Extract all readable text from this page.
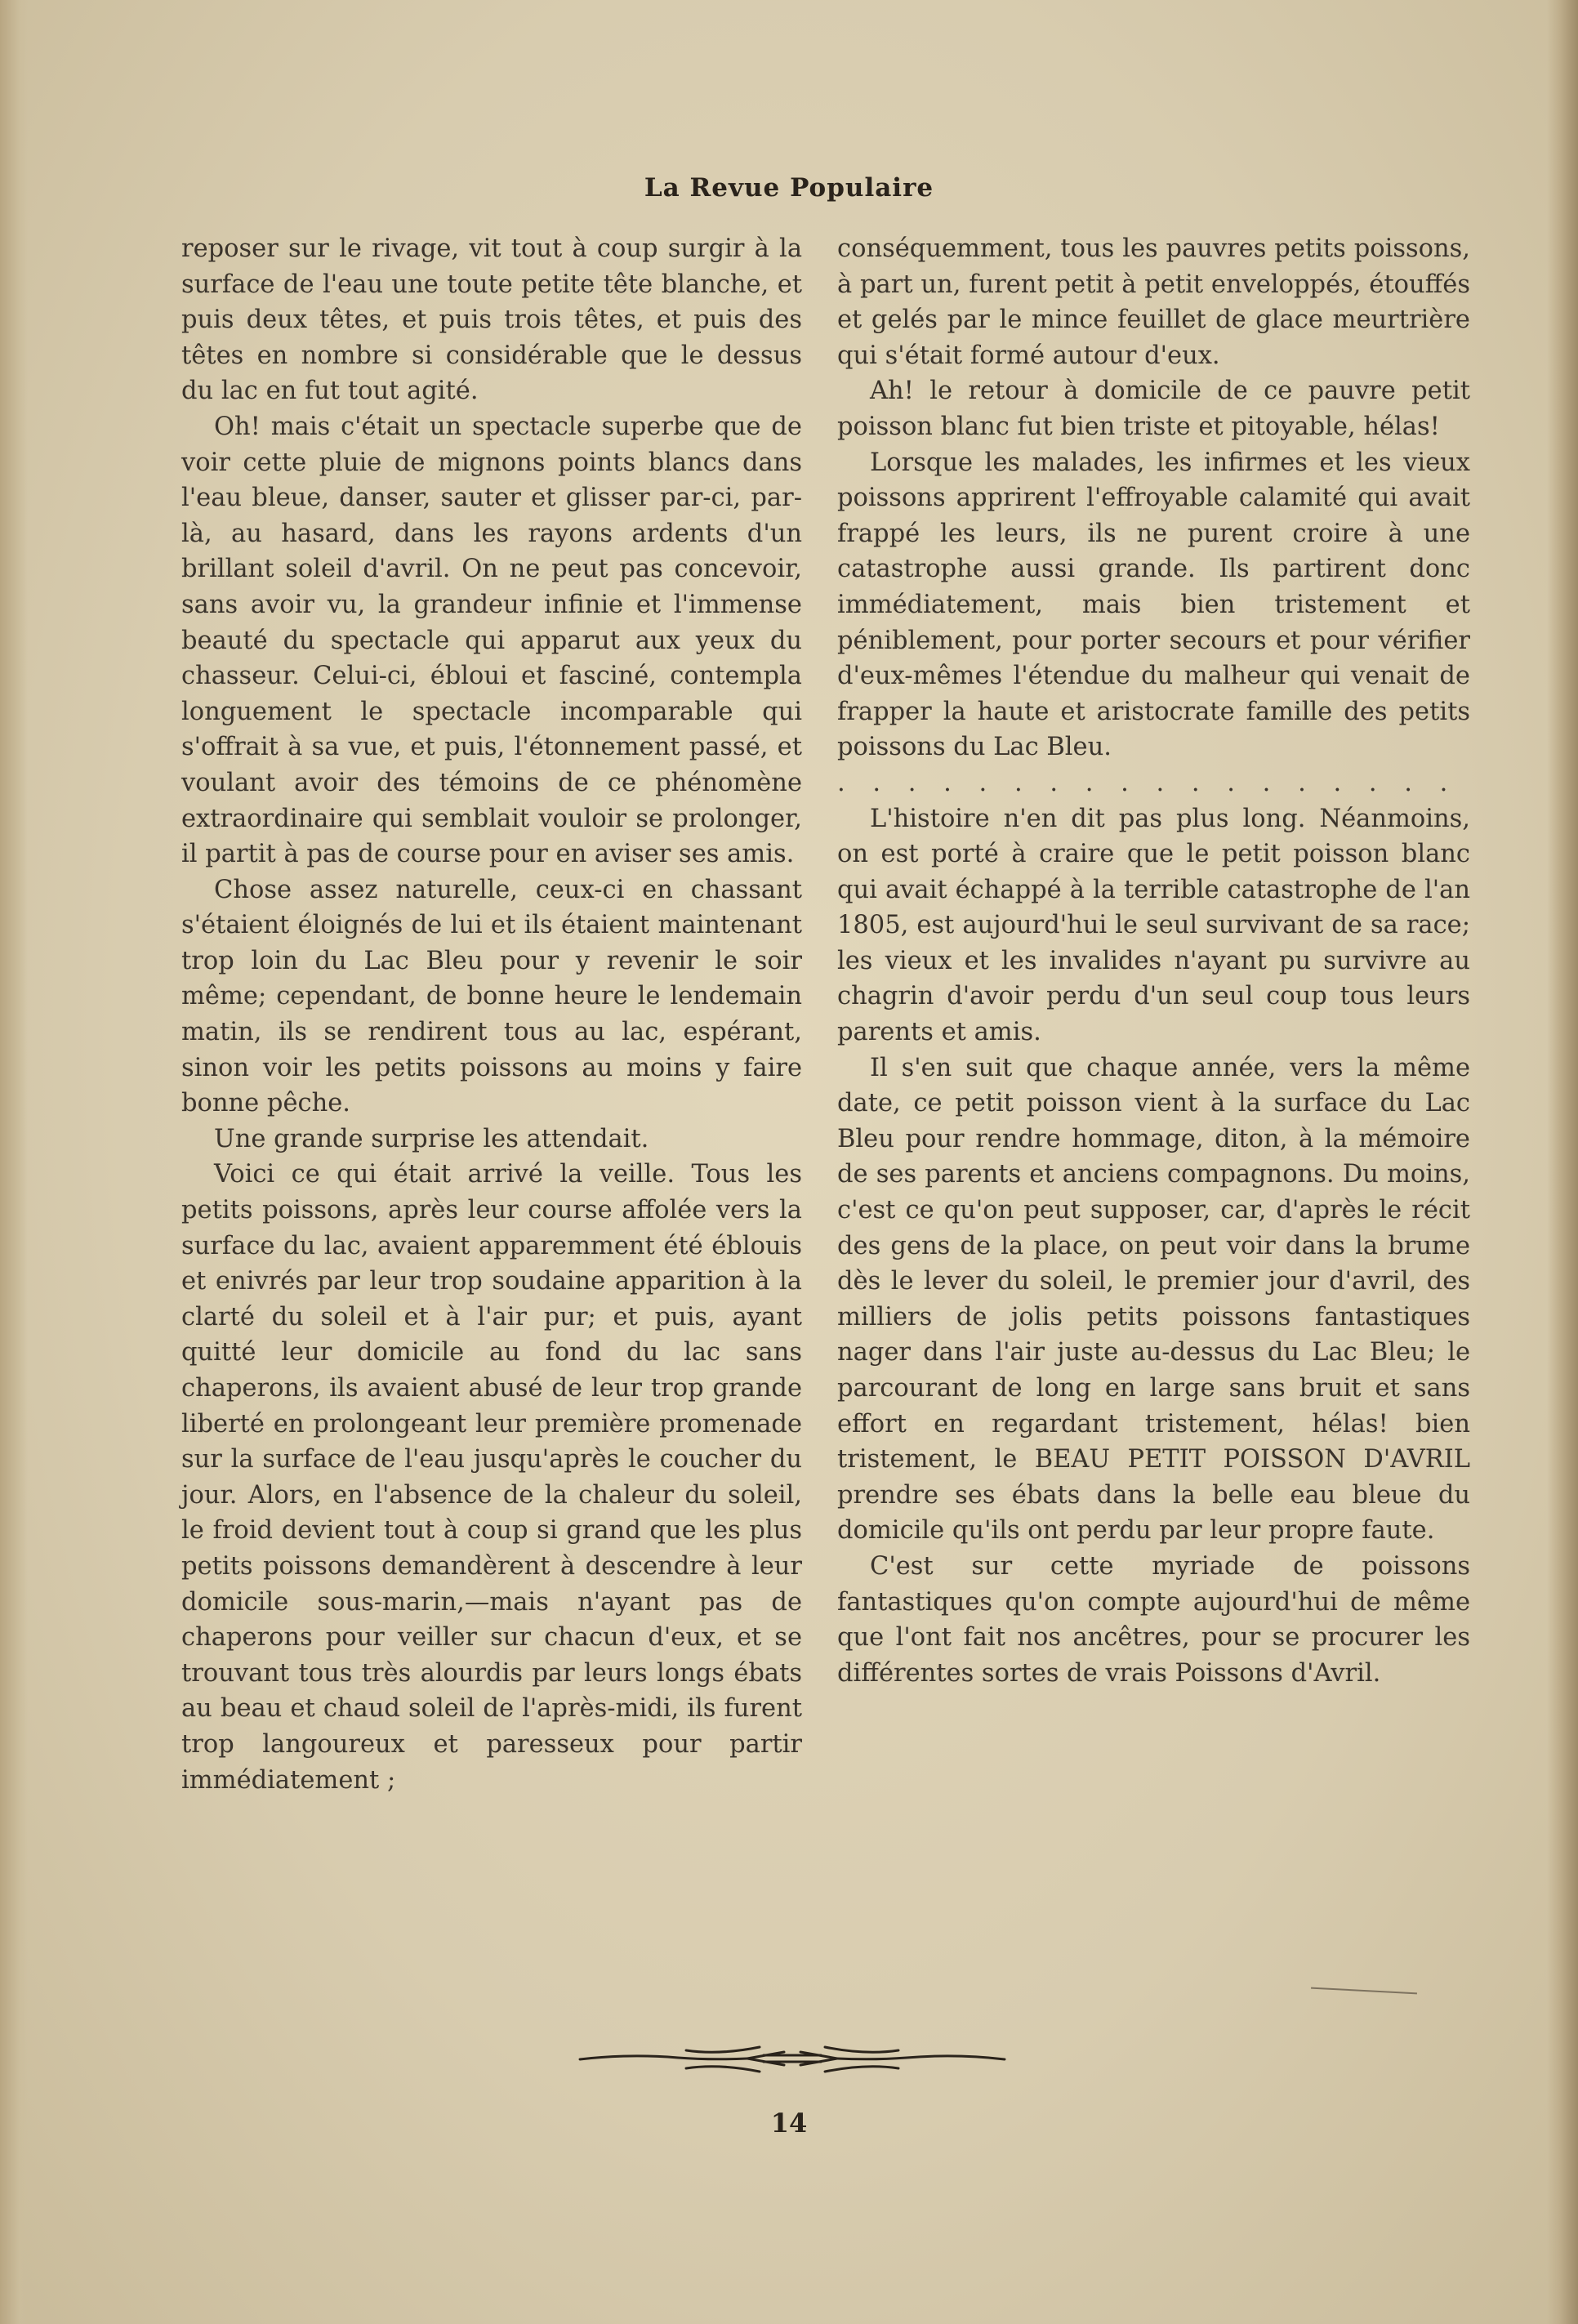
La Revue Populaire

reposer sur le rivage, vit tout à coup surgir à la surface de l'eau une toute petite tête blanche, et puis deux têtes, et puis trois têtes, et puis des têtes en nombre si considérable que le dessus du lac en fut tout agité.

Oh! mais c'était un spectacle superbe que de voir cette pluie de mignons points blancs dans l'eau bleue, danser, sauter et glisser par-ci, par-là, au hasard, dans les rayons ardents d'un brillant soleil d'avril. On ne peut pas concevoir, sans avoir vu, la grandeur infinie et l'immense beauté du spectacle qui apparut aux yeux du chasseur. Celui-ci, ébloui et fasciné, contempla longuement le spectacle incomparable qui s'offrait à sa vue, et puis, l'étonnement passé, et voulant avoir des témoins de ce phénomène extraordinaire qui semblait vouloir se prolonger, il partit à pas de course pour en aviser ses amis.

Chose assez naturelle, ceux-ci en chassant s'étaient éloignés de lui et ils étaient maintenant trop loin du Lac Bleu pour y revenir le soir même; cependant, de bonne heure le lendemain matin, ils se rendirent tous au lac, espérant, sinon voir les petits poissons au moins y faire bonne pêche.

Une grande surprise les attendait.

Voici ce qui était arrivé la veille. Tous les petits poissons, après leur course affolée vers la surface du lac, avaient apparemment été éblouis et enivrés par leur trop soudaine apparition à la clarté du soleil et à l'air pur; et puis, ayant quitté leur domicile au fond du lac sans chaperons, ils avaient abusé de leur trop grande liberté en prolongeant leur première promenade sur la surface de l'eau jusqu'après le coucher du jour. Alors, en l'absence de la chaleur du soleil, le froid devient tout à coup si grand que les plus petits poissons demandèrent à descendre à leur domicile sous-marin,—mais n'ayant pas de chaperons pour veiller sur chacun d'eux, et se trouvant tous très alourdis par leurs longs ébats au beau et chaud soleil de l'après-midi, ils furent trop langoureux et paresseux pour partir immédiatement ;

conséquemment, tous les pauvres petits poissons, à part un, furent petit à petit enveloppés, étouffés et gelés par le mince feuillet de glace meurtrière qui s'était formé autour d'eux.

Ah! le retour à domicile de ce pauvre petit poisson blanc fut bien triste et pitoyable, hélas!

Lorsque les malades, les infirmes et les vieux poissons apprirent l'effroyable calamité qui avait frappé les leurs, ils ne purent croire à une catastrophe aussi grande. Ils partirent donc immédiatement, mais bien tristement et péniblement, pour porter secours et pour vérifier d'eux-mêmes l'étendue du malheur qui venait de frapper la haute et aristocrate famille des petits poissons du Lac Bleu.

. . . . . . . . . . . . . . . . . .

L'histoire n'en dit pas plus long. Néanmoins, on est porté à craire que le petit poisson blanc qui avait échappé à la terrible catastrophe de l'an 1805, est aujourd'hui le seul survivant de sa race; les vieux et les invalides n'ayant pu survivre au chagrin d'avoir perdu d'un seul coup tous leurs parents et amis.

Il s'en suit que chaque année, vers la même date, ce petit poisson vient à la surface du Lac Bleu pour rendre hommage, diton, à la mémoire de ses parents et anciens compagnons. Du moins, c'est ce qu'on peut supposer, car, d'après le récit des gens de la place, on peut voir dans la brume dès le lever du soleil, le premier jour d'avril, des milliers de jolis petits poissons fantastiques nager dans l'air juste au-dessus du Lac Bleu; le parcourant de long en large sans bruit et sans effort en regardant tristement, hélas! bien tristement, le BEAU PETIT POISSON D'AVRIL prendre ses ébats dans la belle eau bleue du domicile qu'ils ont perdu par leur propre faute.

C'est sur cette myriade de poissons fantastiques qu'on compte aujourd'hui de même que l'ont fait nos ancêtres, pour se procurer les différentes sortes de vrais Poissons d'Avril.

14
